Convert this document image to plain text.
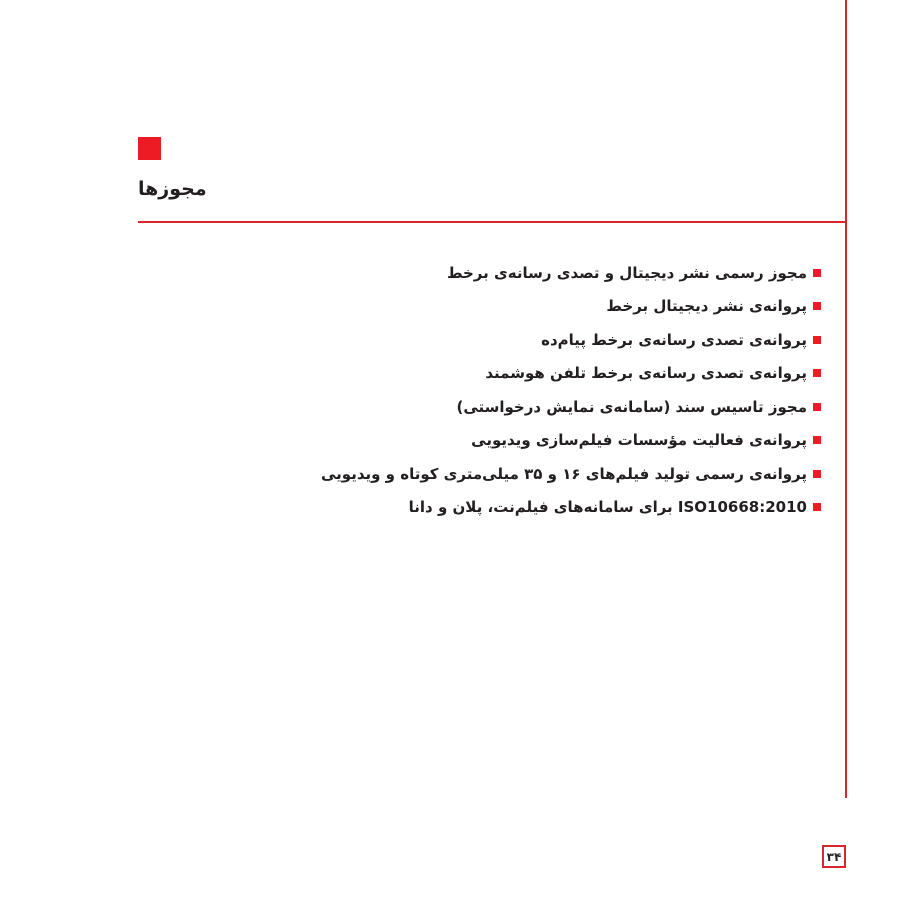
مجوزها
مجوز رسمی نشر دیجیتال و تصدی رسانه‌ی برخط
پروانه‌ی نشر دیجیتال برخط
پروانه‌ی تصدی رسانه‌ی برخط پیام‌ده
پروانه‌ی تصدی رسانه‌ی برخط تلفن هوشمند
مجوز تاسیس سند (سامانه‌ی نمایش درخواستی)
پروانه‌ی فعالیت مؤسسات فیلم‌سازی ویدیویی
پروانه‌ی رسمی تولید فیلم‌های ۱۶ و ۳۵ میلی‌متری کوتاه و ویدیویی
ISO10668:2010 برای سامانه‌های فیلم‌نت، پلان و دانا
۳۴
